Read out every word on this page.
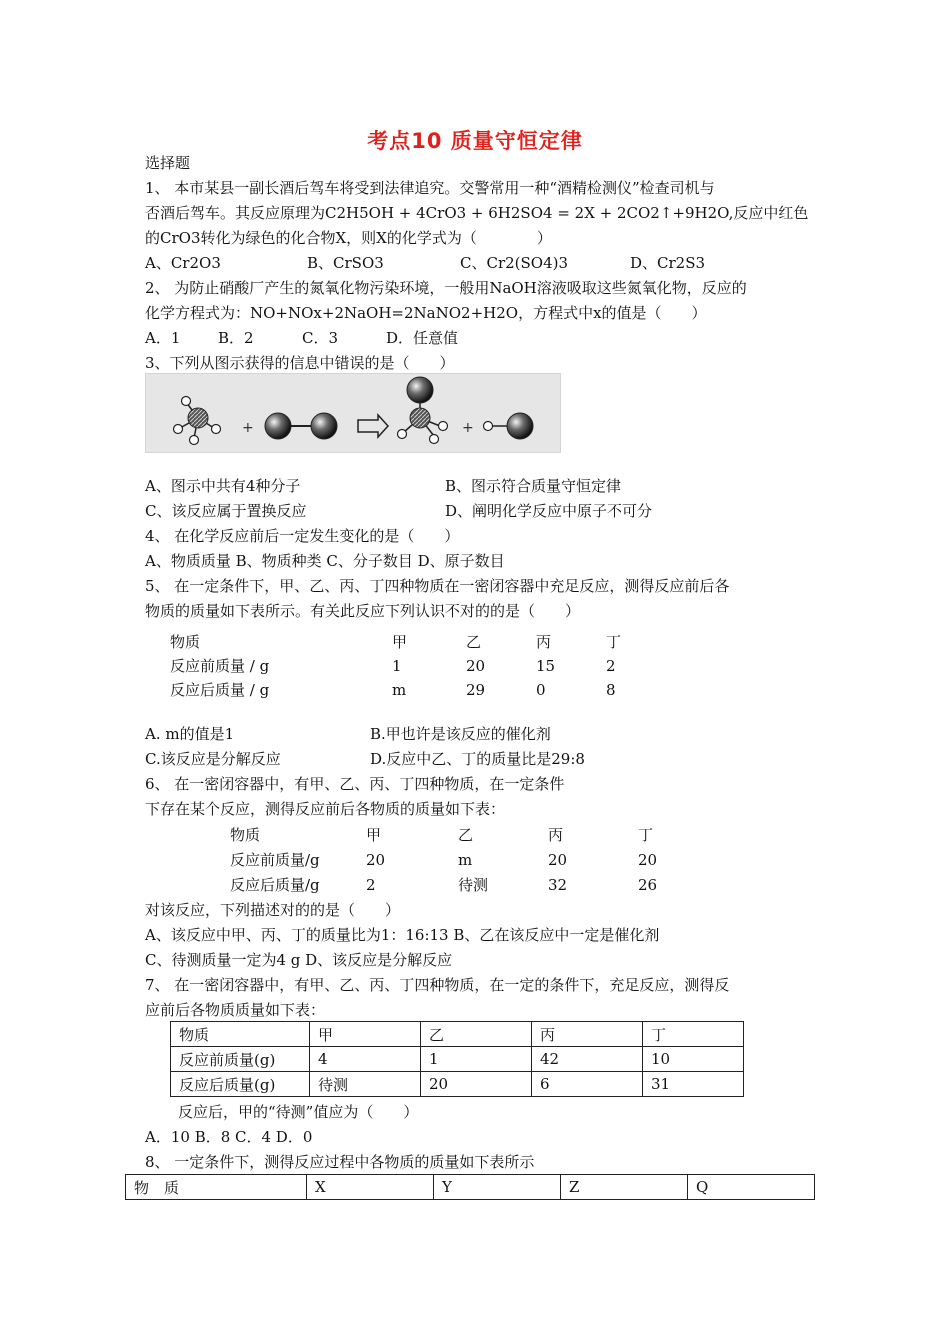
考点10 质量守恒定律
选择题
1、 本市某县一副长酒后驾车将受到法律追究。交警常用一种“酒精检测仪”检查司机与
否酒后驾车。其反应原理为C2H5OH + 4CrO3 + 6H2SO4 = 2X + 2CO2↑+9H2O,反应中红色
的CrO3转化为绿色的化合物X，则X的化学式为（　　　　）
A、Cr2O3	B、CrSO3	C、Cr2(SO4)3	D、Cr2S3
2、 为防止硝酸厂产生的氮氧化物污染环境，一般用NaOH溶液吸取这些氮氧化物，反应的
化学方程式为：NO+NOx+2NaOH=2NaNO2+H2O，方程式中x的值是（　　）
A．1	B．2	C．3	D．任意值
3、下列从图示获得的信息中错误的是（　　）
+	+
A、图示中共有4种分子	B、图示符合质量守恒定律
C、该反应属于置换反应	D、阐明化学反应中原子不可分
4、 在化学反应前后一定发生变化的是（　　）
A、物质质量 B、物质种类 C、分子数目 D、原子数目
5、 在一定条件下，甲、乙、丙、丁四种物质在一密闭容器中充足反应，测得反应前后各
物质的质量如下表所示。有关此反应下列认识不对的的是（　　）
物质	甲	乙	丙	丁
反应前质量 / g	1	20	15	2
反应后质量 / g	m	29	0	8
A. m的值是1	B.甲也许是该反应的催化剂
C.该反应是分解反应	D.反应中乙、丁的质量比是29:8
6、 在一密闭容器中，有甲、乙、丙、丁四种物质，在一定条件
下存在某个反应，测得反应前后各物质的质量如下表：
物质	甲	乙	丙	丁
反应前质量/g	20	m	20	20
反应后质量/g	2	待测	32	26
对该反应，下列描述对的的是（　　）
A、该反应中甲、丙、丁的质量比为1：16:13 B、乙在该反应中一定是催化剂
C、待测质量一定为4 g D、该反应是分解反应
7、 在一密闭容器中，有甲、乙、丙、丁四种物质，在一定的条件下，充足反应，测得反
应前后各物质质量如下表：
物质	甲	乙	丙	丁
反应前质量(g)	4	1	42	10
反应后质量(g)	待测	20	6	31
反应后，甲的“待测”值应为（　　）
A．10 B．8 C．4 D．0
8、 一定条件下，测得反应过程中各物质的质量如下表所示
物　质	X	Y	Z	Q
